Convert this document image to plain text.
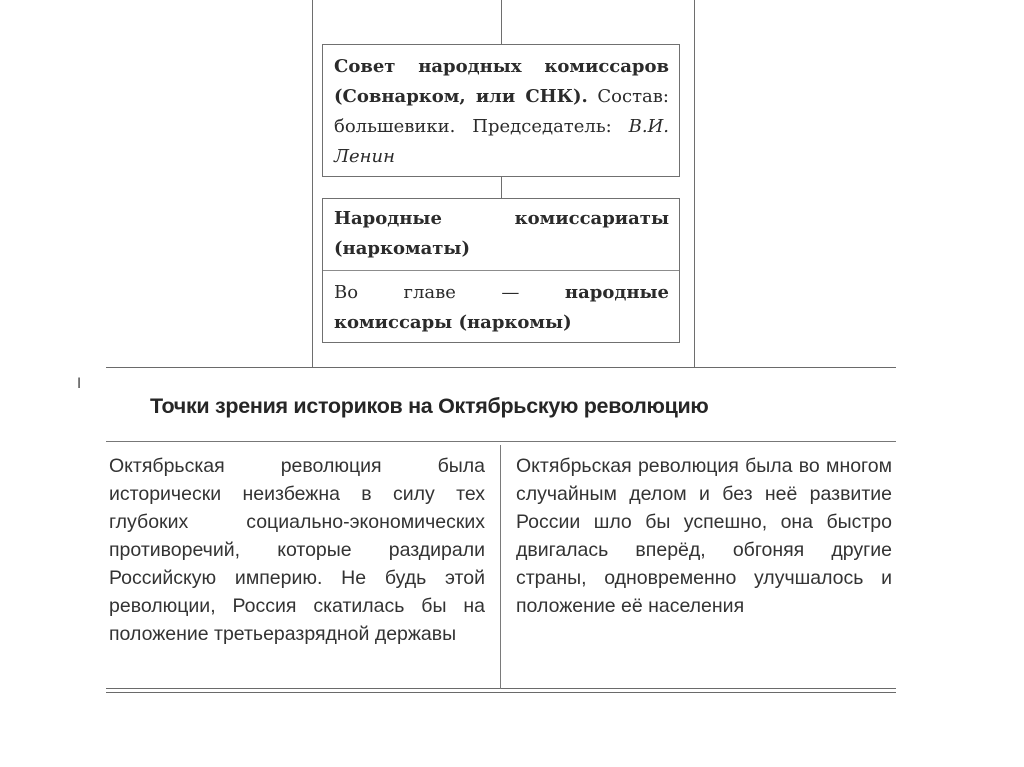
Совет народных комиссаров (Совнарком, или СНК). Состав: большевики. Председатель: В.И. Ленин

Народные комиссариаты (наркоматы)

Во главе — народные комиссары (наркомы)

Ⅰ
Точки зрения историков на Октябрьскую революцию
Октябрьская революция была исторически неизбежна в силу тех глубоких социально-экономических противоречий, которые раздирали Российскую империю. Не будь этой революции, Россия скатилась бы на положение третьеразрядной державы
Октябрьская революция была во многом случайным делом и без неё развитие России шло бы успешно, она быстро двигалась вперёд, обгоняя другие страны, одновременно улучшалось и положение её населения
